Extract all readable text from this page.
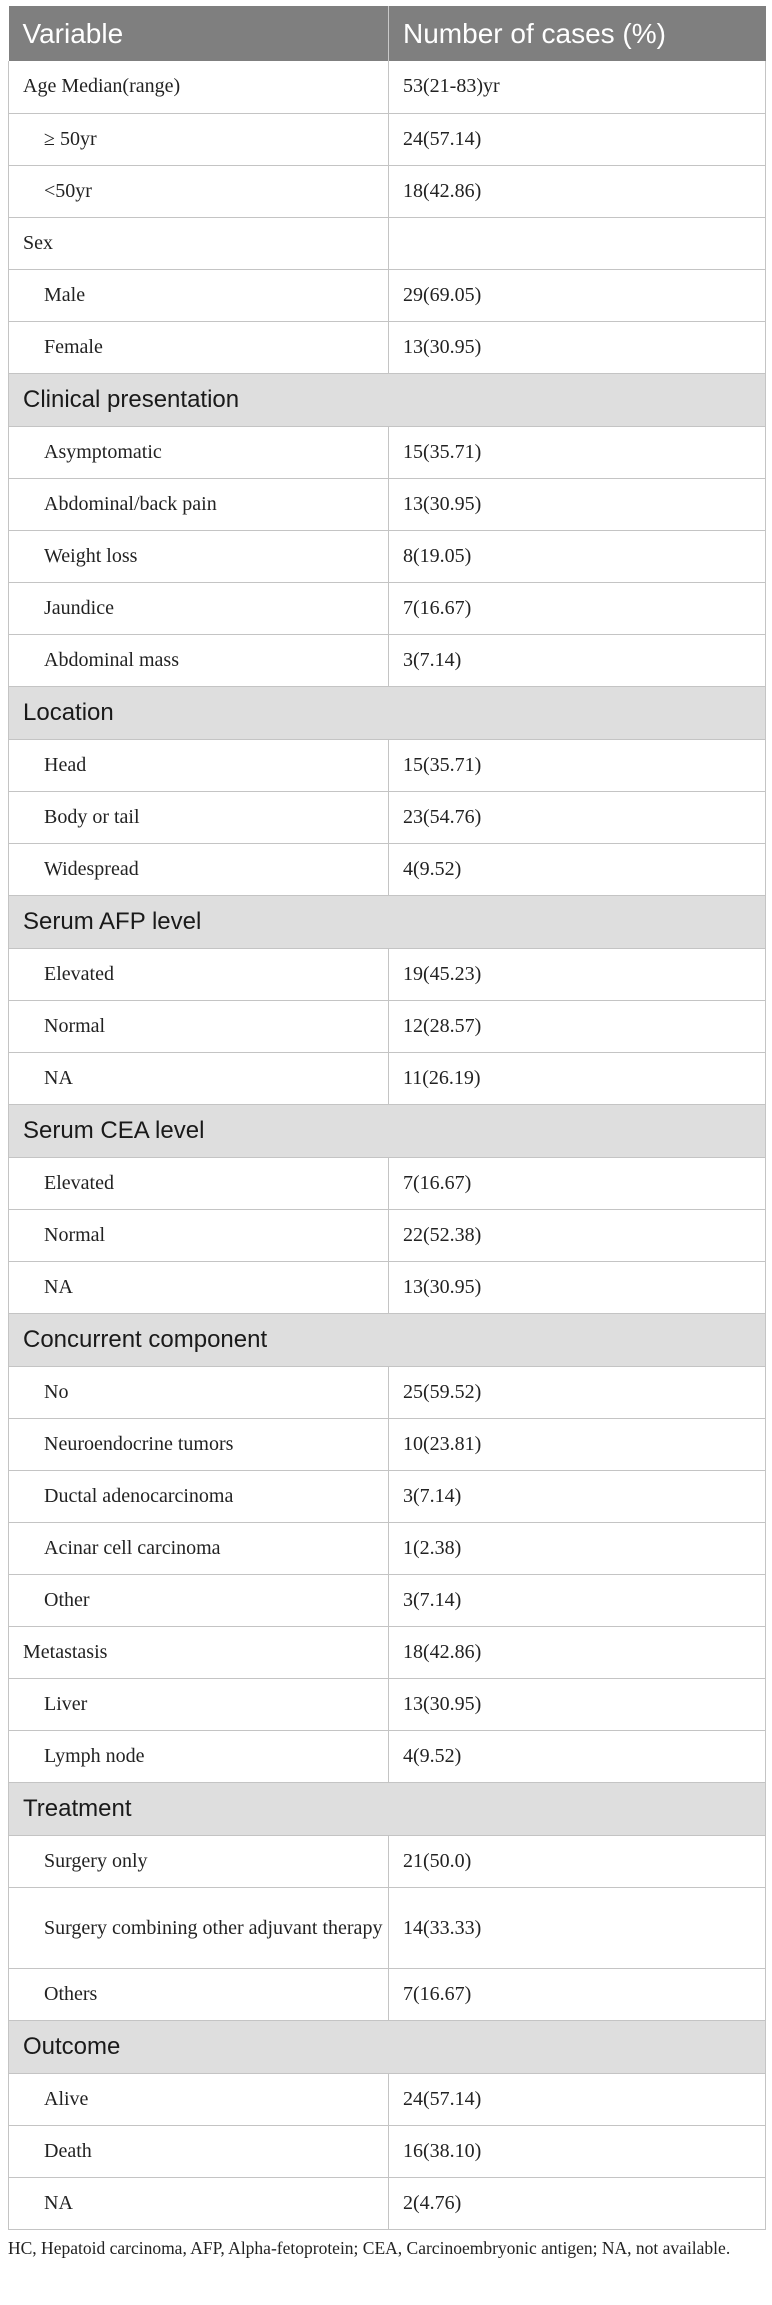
Variable	Number of cases (%)
Age Median(range)	53(21-83)yr
≥ 50yr	24(57.14)
<50yr	18(42.86)
Sex	
Male	29(69.05)
Female	13(30.95)
Clinical presentation	
Asymptomatic	15(35.71)
Abdominal/back pain	13(30.95)
Weight loss	8(19.05)
Jaundice	7(16.67)
Abdominal mass	3(7.14)
Location	
Head	15(35.71)
Body or tail	23(54.76)
Widespread	4(9.52)
Serum AFP level	
Elevated	19(45.23)
Normal	12(28.57)
NA	11(26.19)
Serum CEA level	
Elevated	7(16.67)
Normal	22(52.38)
NA	13(30.95)
Concurrent component	
No	25(59.52)
Neuroendocrine tumors	10(23.81)
Ductal adenocarcinoma	3(7.14)
Acinar cell carcinoma	1(2.38)
Other	3(7.14)
Metastasis	18(42.86)
Liver	13(30.95)
Lymph node	4(9.52)
Treatment	
Surgery only	21(50.0)
Surgery combining other adjuvant therapy	14(33.33)
Others	7(16.67)
Outcome	
Alive	24(57.14)
Death	16(38.10)
NA	2(4.76)
HC, Hepatoid carcinoma, AFP, Alpha-fetoprotein; CEA, Carcinoembryonic antigen; NA, not available.
